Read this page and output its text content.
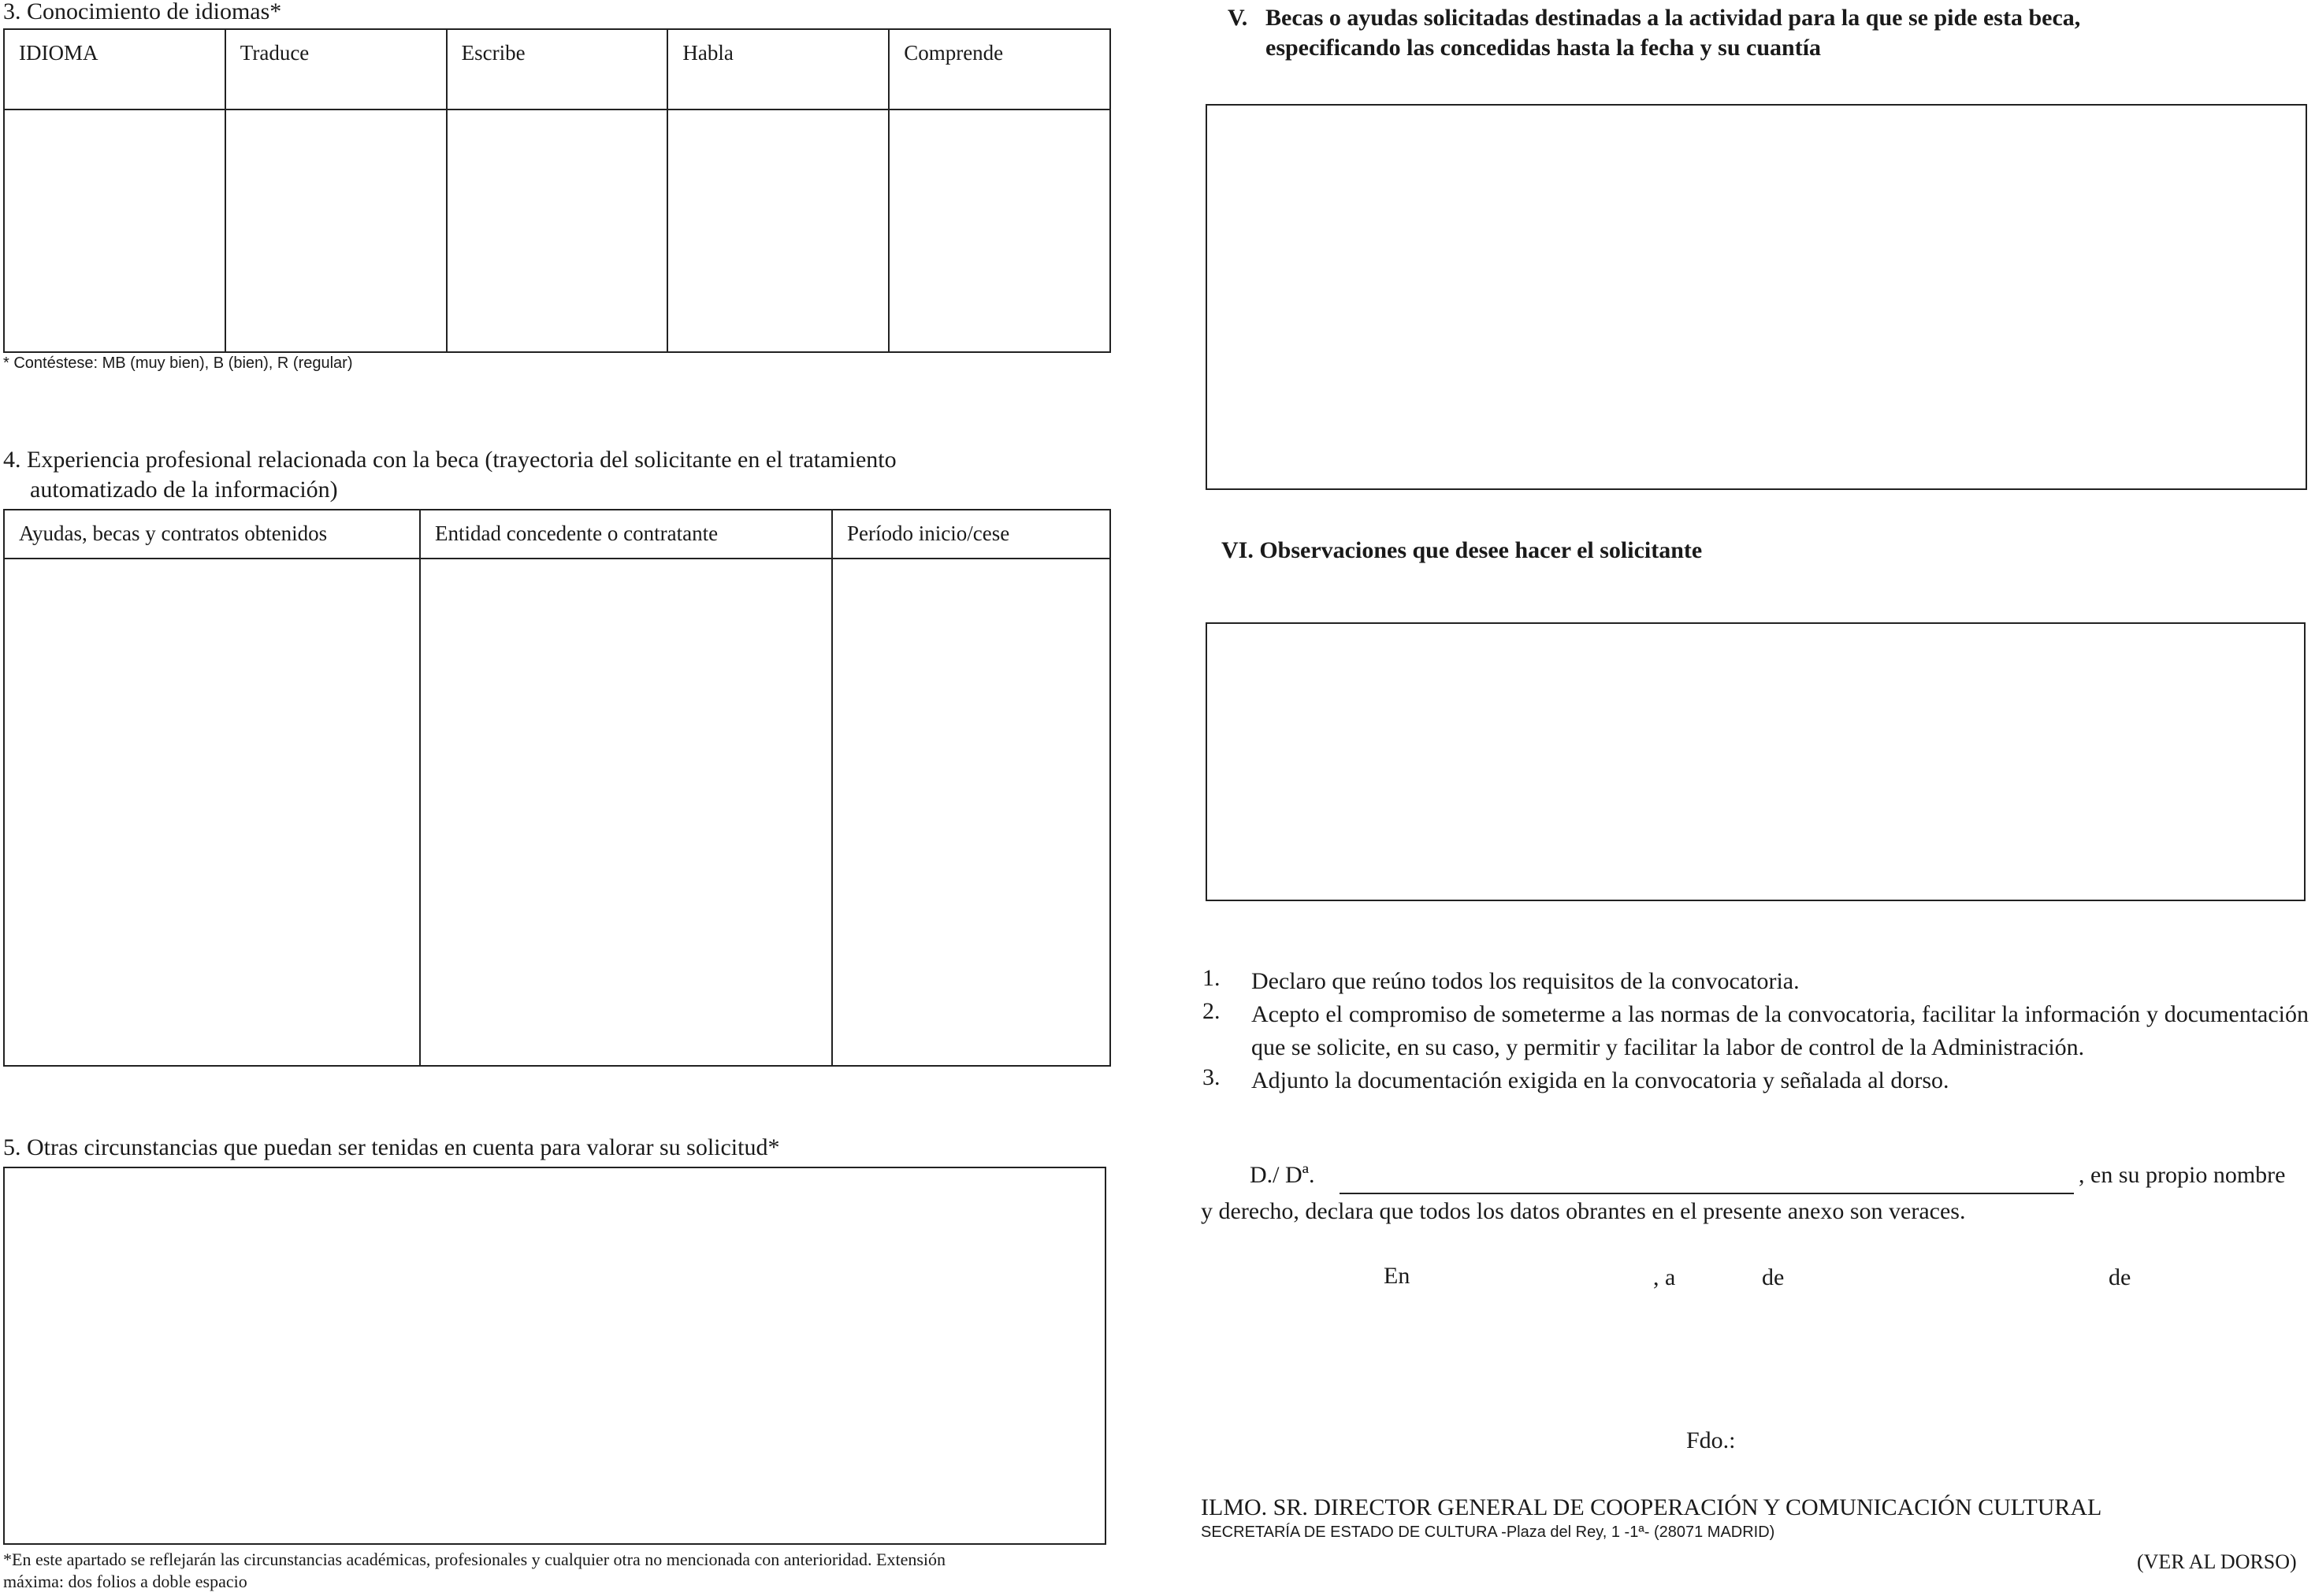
3. Conocimiento de idiomas*
IDIOMA	Traduce	Escribe	Habla	Comprende

* Contéstese: MB (muy bien), B (bien), R (regular)
4. Experiencia profesional relacionada con la beca (trayectoria del solicitante en el tratamiento
automatizado de la información)
Ayudas, becas y contratos obtenidos	Entidad concedente o contratante	Período inicio/cese

5. Otras circunstancias que puedan ser tenidas en cuenta para valorar su solicitud*
*En este apartado se reflejarán las circunstancias académicas, profesionales y cualquier otra no mencionada con anterioridad. Extensión
máxima: dos folios a doble espacio
V. Becas o ayudas solicitadas destinadas a la actividad para la que se pide esta beca,
especificando las concedidas hasta la fecha y su cuantía
VI. Observaciones que desee hacer el solicitante
1. Declaro que reúno todos los requisitos de la convocatoria.
2. Acepto el compromiso de someterme a las normas de la convocatoria, facilitar la información y documentación que se solicite, en su caso, y permitir y facilitar la labor de control de la Administración.
3. Adjunto la documentación exigida en la convocatoria y señalada al dorso.
D./ Dª.	, en su propio nombre
y derecho, declara que todos los datos obrantes en el presente anexo son veraces.
En	, a	de	de
Fdo.:
ILMO. SR. DIRECTOR GENERAL DE COOPERACIÓN Y COMUNICACIÓN CULTURAL
SECRETARÍA DE ESTADO DE CULTURA -Plaza del Rey, 1 -1ª- (28071 MADRID)
(VER AL DORSO)
